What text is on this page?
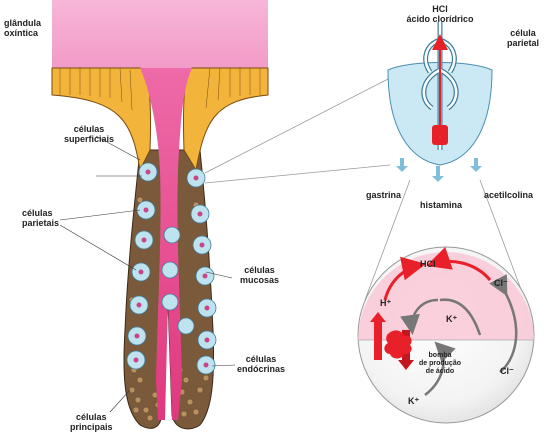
HCl
Cl⁻
H⁺
K⁺
Cl⁻
K⁺
bomba
de produção
de ácido
glândula
oxíntica
células
superficiais
células
parietais
células
mucosas
células
endócrinas
células
principais
HCl
ácido clorídrico
célula
parietal
gastrina
histamina
acetilcolina
